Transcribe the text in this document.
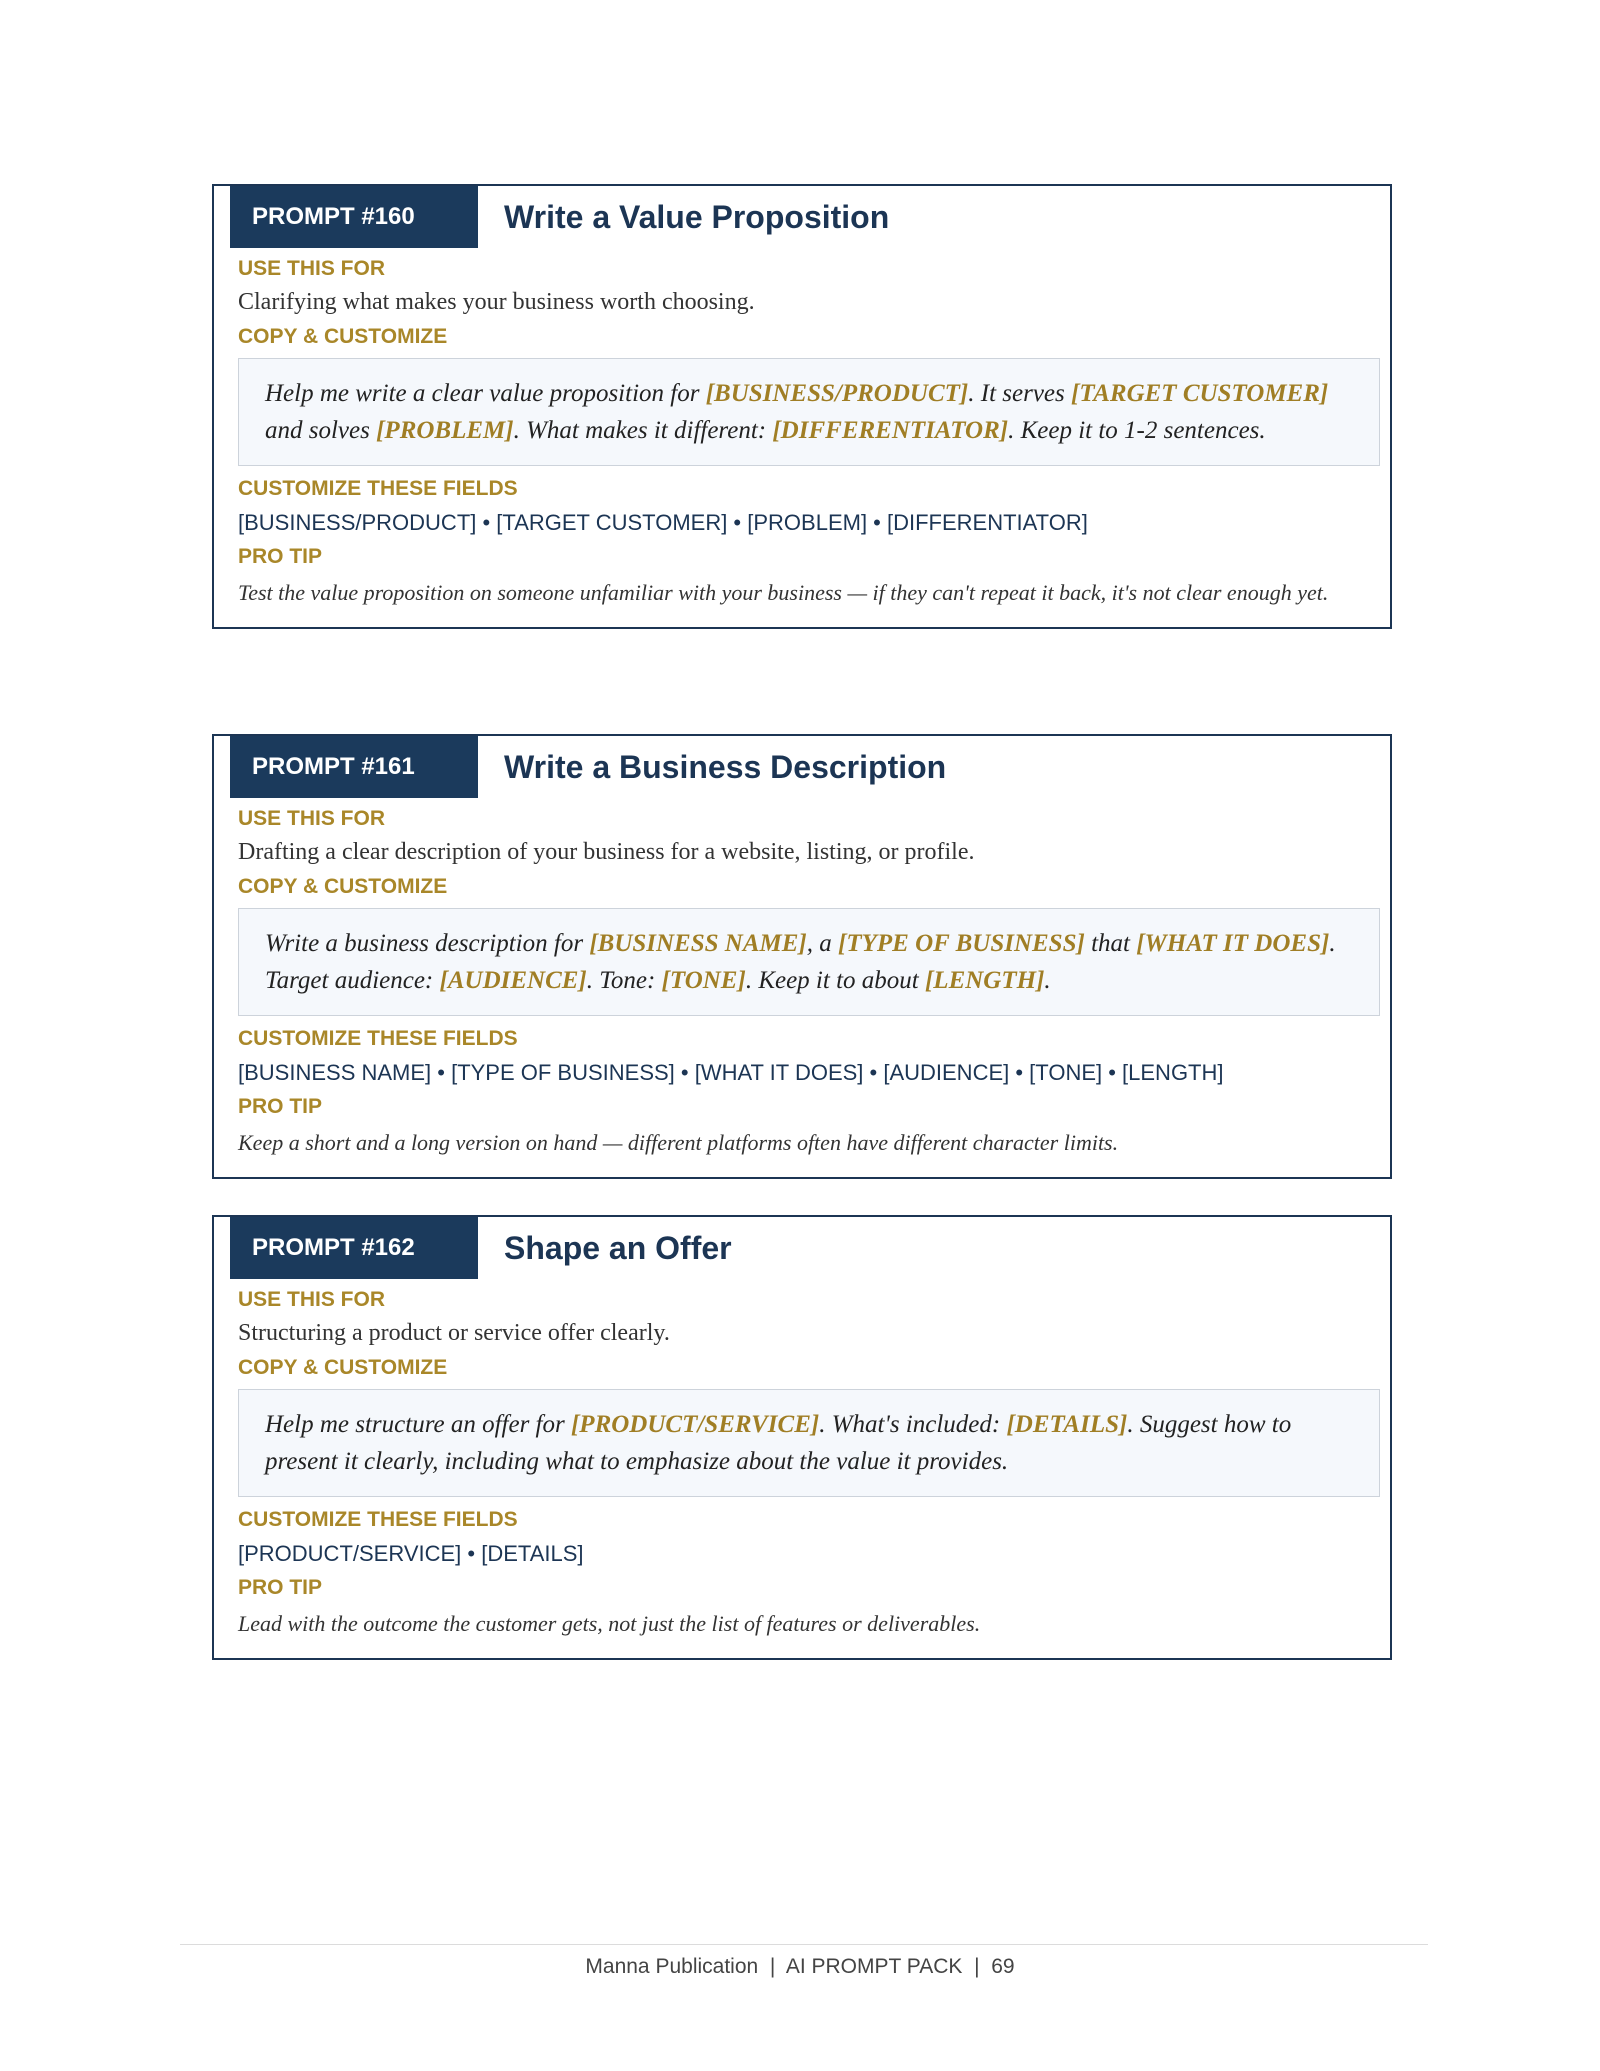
PROMPT #160	Write a Value Proposition
USE THIS FOR
Clarifying what makes your business worth choosing.
COPY & CUSTOMIZE
Help me write a clear value proposition for [BUSINESS/PRODUCT]. It serves [TARGET CUSTOMER] and solves [PROBLEM]. What makes it different: [DIFFERENTIATOR]. Keep it to 1-2 sentences.
CUSTOMIZE THESE FIELDS
[BUSINESS/PRODUCT] • [TARGET CUSTOMER] • [PROBLEM] • [DIFFERENTIATOR]
PRO TIP
Test the value proposition on someone unfamiliar with your business — if they can't repeat it back, it's not clear enough yet.
PROMPT #161	Write a Business Description
USE THIS FOR
Drafting a clear description of your business for a website, listing, or profile.
COPY & CUSTOMIZE
Write a business description for [BUSINESS NAME], a [TYPE OF BUSINESS] that [WHAT IT DOES]. Target audience: [AUDIENCE]. Tone: [TONE]. Keep it to about [LENGTH].
CUSTOMIZE THESE FIELDS
[BUSINESS NAME] • [TYPE OF BUSINESS] • [WHAT IT DOES] • [AUDIENCE] • [TONE] • [LENGTH]
PRO TIP
Keep a short and a long version on hand — different platforms often have different character limits.
PROMPT #162	Shape an Offer
USE THIS FOR
Structuring a product or service offer clearly.
COPY & CUSTOMIZE
Help me structure an offer for [PRODUCT/SERVICE]. What's included: [DETAILS]. Suggest how to present it clearly, including what to emphasize about the value it provides.
CUSTOMIZE THESE FIELDS
[PRODUCT/SERVICE] • [DETAILS]
PRO TIP
Lead with the outcome the customer gets, not just the list of features or deliverables.
Manna Publication  |  AI PROMPT PACK  |  69
